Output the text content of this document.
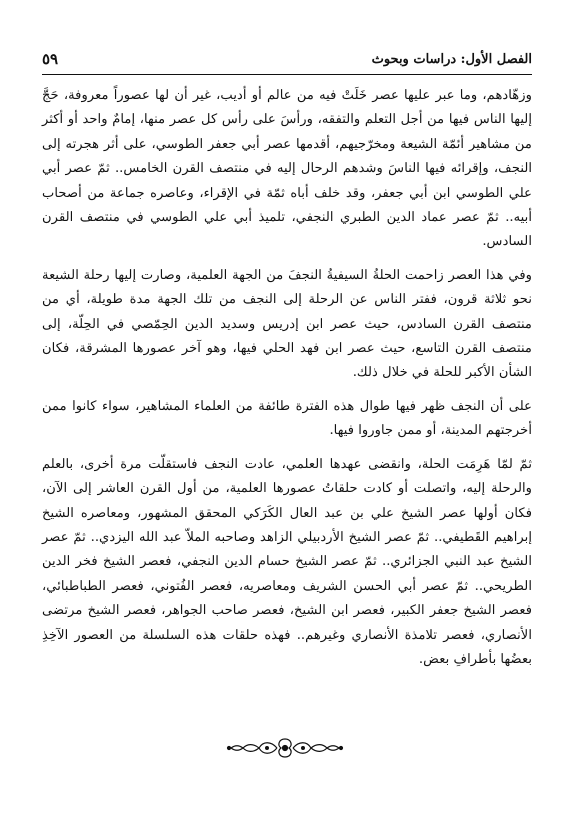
الفصل الأول: دراسات وبحوث
٥٩

وزهّادهم، وما عبر عليها عصر خَلَتْ فيه من عالم أو أديب، غير أن لها عصوراً معروفة، حَجَّ إليها الناس فيها من أجل التعلم والتفقه، ورأسَ على رأس كل عصر منها، إمامٌ واحد أو أكثر من مشاهير أئمّة الشيعة ومخرّجيهم، أقدمها عصر أبي جعفر الطوسي، على أثر هجرته إلى النجف، وإقرائه فيها الناسَ وشدهم الرحال إليه في منتصف القرن الخامس.. ثمّ عصر أبي علي الطوسي ابن أبي جعفر، وقد خلف أباه ثمّة في الإقراء، وعاصره جماعة من أصحاب أبيه.. ثمّ عصر عماد الدين الطبري النجفي، تلميذ أبي علي الطوسي في منتصف القرن السادس.

وفي هذا العصر زاحمت الحلةُ السيفيةُ النجفَ من الجهة العلمية، وصارت إليها رحلة الشيعة نحو ثلاثة قرون، ففتر الناس عن الرحلة إلى النجف من تلك الجهة مدة طويلة، أي من منتصف القرن السادس، حيث عصر ابن إدريس وسديد الدين الحِمّصي في الحِلّة، إلى منتصف القرن التاسع، حيث عصر ابن فهد الحلي فيها، وهو آخر عصورها المشرقة، فكان الشأن الأكبر للحلة في خلال ذلك.

على أن النجف ظهر فيها طوال هذه الفترة طائفة من العلماء المشاهير، سواء كانوا ممن أخرجتهم المدينة، أو ممن جاوروا فيها.

ثمّ لمّا هَرِمَت الحلة، وانقضى عهدها العلمي، عادت النجف فاستقلّت مرة أخرى، بالعلم والرحلة إليه، واتصلت أو كادت حلقاتُ عصورها العلمية، من أول القرن العاشر إلى الآن، فكان أولها عصر الشيخ علي بن عبد العال الكَرَكي المحقق المشهور، ومعاصره الشيخ إبراهيم القَطيفي.. ثمّ عصر الشيخ الأردبيلي الزاهد وصاحبه الملاّ عبد الله اليزدي.. ثمّ عصر الشيخ عبد النبي الجزائري.. ثمّ عصر الشيخ حسام الدين النجفي، فعصر الشيخ فخر الدين الطريحي.. ثمّ عصر أبي الحسن الشريف ومعاصريه، فعصر الفُتوني، فعصر الطباطبائي، فعصر الشيخ جعفر الكبير، فعصر ابن الشيخ، فعصر صاحب الجواهر، فعصر الشيخ مرتضى الأنصاري، فعصر تلامذة الأنصاري وغيرهم.. فهذه حلقات هذه السلسلة من العصور الآخِذِ بعضُها بأطرافِ بعض.
